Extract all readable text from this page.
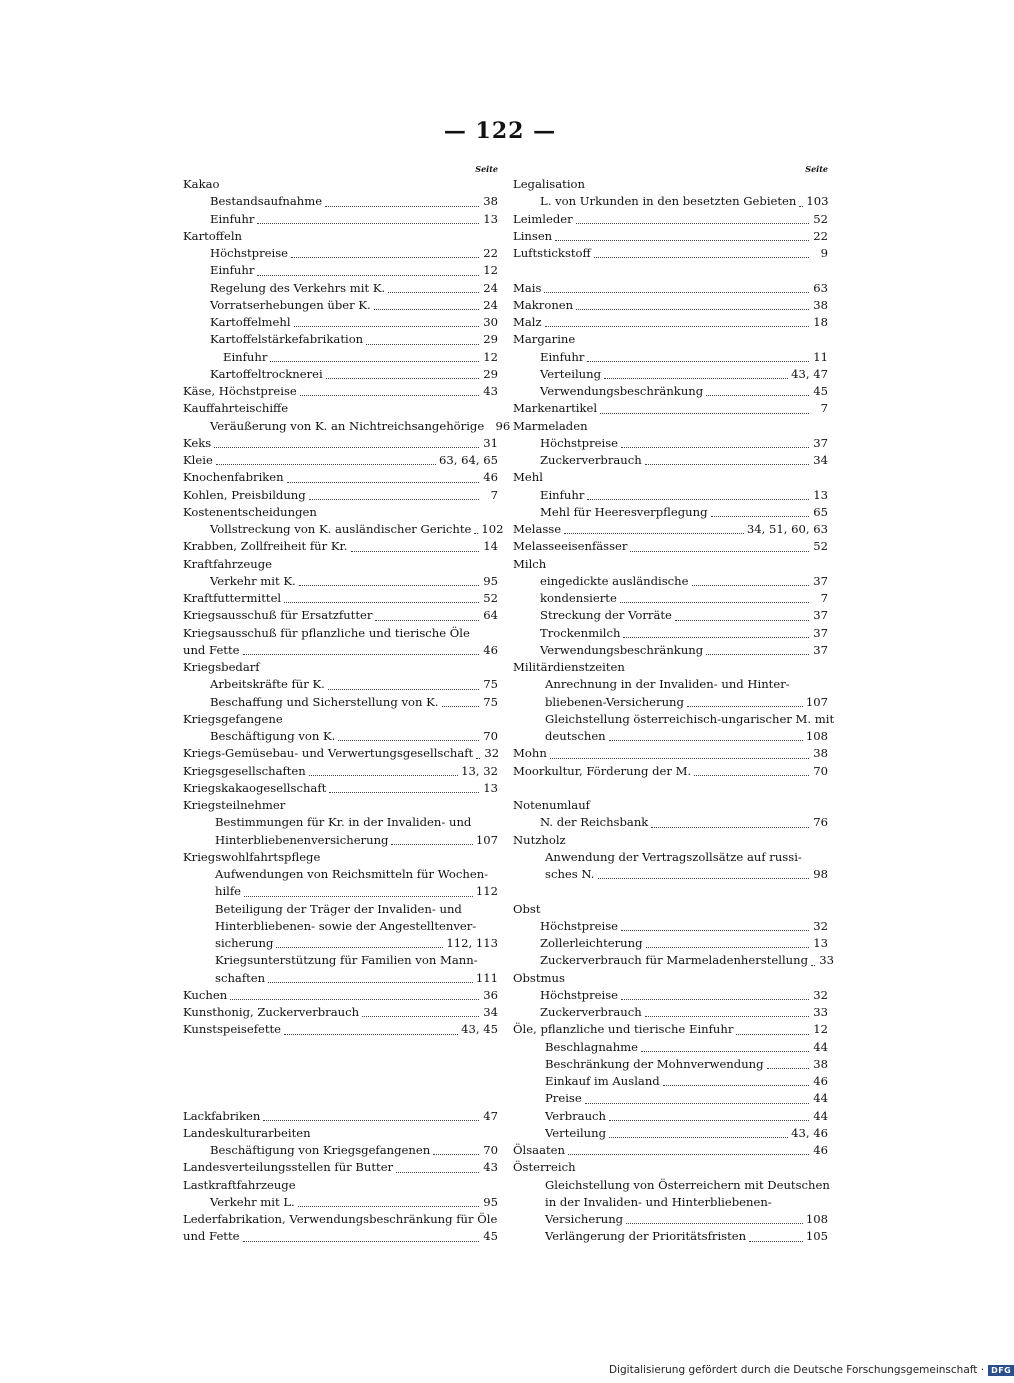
— 122 —
Seite
Kakao
Bestandsaufnahme	38
Einfuhr	13
Kartoffeln
Höchstpreise	22
Einfuhr	12
Regelung des Verkehrs mit K.	24
Vorratserhebungen über K.	24
Kartoffelmehl	30
Kartoffelstärkefabrikation	29
Einfuhr	12
Kartoffeltrocknerei	29
Käse, Höchstpreise	43
Kauffahrteischiffe
Veräußerung von K. an Nichtreichsangehörige 96
Keks	31
Kleie	63, 64, 65
Knochenfabriken	46
Kohlen, Preisbildung	7
Kostenentscheidungen
Vollstreckung von K. ausländischer Gerichte 102
Krabben, Zollfreiheit für Kr.	14
Kraftfahrzeuge
Verkehr mit K.	95
Kraftfuttermittel	52
Kriegsausschuß für Ersatzfutter	64
Kriegsausschuß für pflanzliche und tierische Öle
und Fette	46
Kriegsbedarf
Arbeitskräfte für K.	75
Beschaffung und Sicherstellung von K.	75
Kriegsgefangene
Beschäftigung von K.	70
Kriegs-Gemüsebau- und Verwertungsgesellschaft 32
Kriegsgesellschaften	13, 32
Kriegskakaogesellschaft	13
Kriegsteilnehmer
Bestimmungen für Kr. in der Invaliden- und
Hinterbliebenenversicherung	107
Kriegswohlfahrtspflege
Aufwendungen von Reichsmitteln für Wochen-
hilfe	112
Beteiligung der Träger der Invaliden- und
Hinterbliebenen- sowie der Angestelltenver-
sicherung	112, 113
Kriegsunterstützung für Familien von Mann-
schaften	111
Kuchen	36
Kunsthonig, Zuckerverbrauch	34
Kunstspeisefette	43, 45
Lackfabriken	47
Landeskulturarbeiten
Beschäftigung von Kriegsgefangenen	70
Landesverteilungsstellen für Butter	43
Lastkraftfahrzeuge
Verkehr mit L.	95
Lederfabrikation, Verwendungsbeschränkung für Öle
und Fette	45
Seite
Legalisation
L. von Urkunden in den besetzten Gebieten 103
Leimleder	52
Linsen	22
Luftstickstoff	9
Mais	63
Makronen	38
Malz	18
Margarine
Einfuhr	11
Verteilung	43, 47
Verwendungsbeschränkung	45
Markenartikel	7
Marmeladen
Höchstpreise	37
Zuckerverbrauch	34
Mehl
Einfuhr	13
Mehl für Heeresverpflegung	65
Melasse	34, 51, 60, 63
Melasseeisenfässer	52
Milch
eingedickte ausländische	37
kondensierte	7
Streckung der Vorräte	37
Trockenmilch	37
Verwendungsbeschränkung	37
Militärdienstzeiten
Anrechnung in der Invaliden- und Hinter-
bliebenen-Versicherung	107
Gleichstellung österreichisch-ungarischer M. mit
deutschen	108
Mohn	38
Moorkultur, Förderung der M.	70
Notenumlauf
N. der Reichsbank	76
Nutzholz
Anwendung der Vertragszollsätze auf russi-
sches N.	98
Obst
Höchstpreise	32
Zollerleichterung	13
Zuckerverbrauch für Marmeladenherstellung 33
Obstmus
Höchstpreise	32
Zuckerverbrauch	33
Öle, pflanzliche und tierische Einfuhr	12
Beschlagnahme	44
Beschränkung der Mohnverwendung	38
Einkauf im Ausland	46
Preise	44
Verbrauch	44
Verteilung	43, 46
Ölsaaten	46
Österreich
Gleichstellung von Österreichern mit Deutschen
in der Invaliden- und Hinterbliebenen-
Versicherung	108
Verlängerung der Prioritätsfristen	105
Digitalisierung gefördert durch die Deutsche Forschungsgemeinschaft · DFG
